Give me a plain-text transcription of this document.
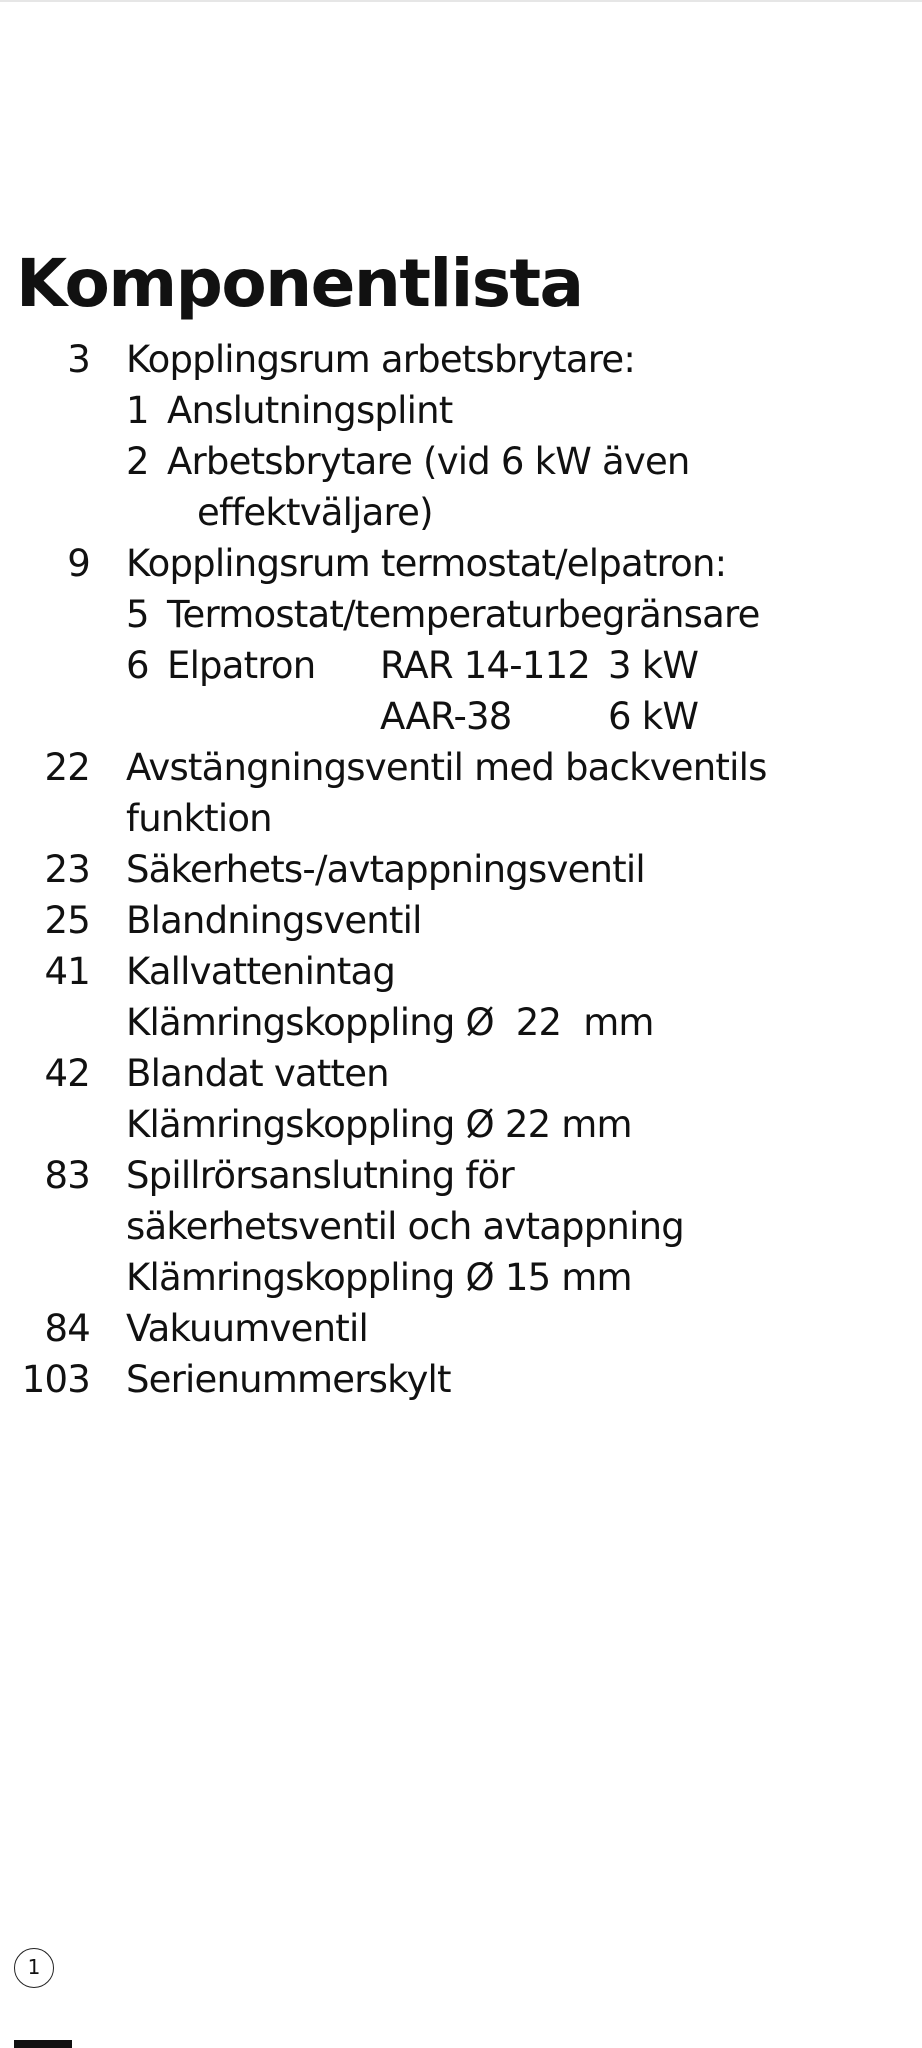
Komponentlista
3 Kopplingsrum arbetsbrytare:
1 Anslutningsplint
2 Arbetsbrytare (vid 6 kW även
effektväljare)
9 Kopplingsrum termostat/elpatron:
5 Termostat/temperaturbegränsare
6 Elpatron RAR 14-112 3 kW
AAR-38	6 kW
22 Avstängningsventil med backventils
funktion
23 Säkerhets-/avtappningsventil
25 Blandningsventil
41 Kallvattenintag
Klämringskoppling Ø  22  mm
42 Blandat vatten
Klämringskoppling Ø 22 mm
83 Spillrörsanslutning för
säkerhetsventil och avtappning
Klämringskoppling Ø 15 mm
84 Vakuumventil
103 Serienummerskylt
1
